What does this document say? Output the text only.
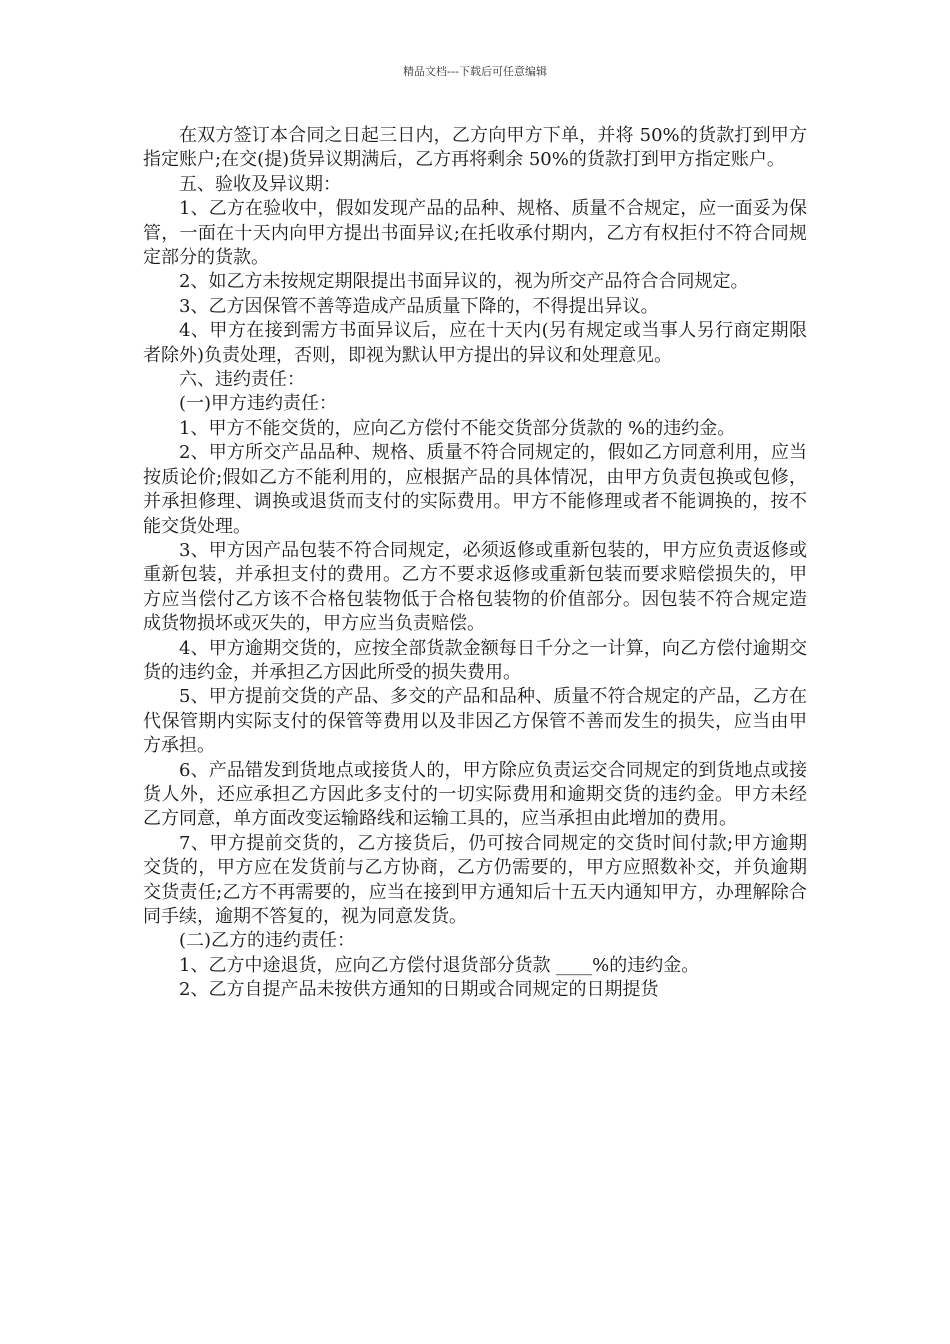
精品文档---下载后可任意编辑

在双方签订本合同之日起三日内，乙方向甲方下单，并将 50%的货款打到甲方指定账户;在交(提)货异议期满后，乙方再将剩余 50%的货款打到甲方指定账户。

五、验收及异议期：

1、乙方在验收中，假如发现产品的品种、规格、质量不合规定，应一面妥为保管，一面在十天内向甲方提出书面异议;在托收承付期内，乙方有权拒付不符合同规定部分的货款。

2、如乙方未按规定期限提出书面异议的，视为所交产品符合合同规定。

3、乙方因保管不善等造成产品质量下降的，不得提出异议。

4、甲方在接到需方书面异议后，应在十天内(另有规定或当事人另行商定期限者除外)负责处理，否则，即视为默认甲方提出的异议和处理意见。

六、违约责任：

(一)甲方违约责任：

1、甲方不能交货的，应向乙方偿付不能交货部分货款的 %的违约金。

2、甲方所交产品品种、规格、质量不符合同规定的，假如乙方同意利用，应当按质论价;假如乙方不能利用的，应根据产品的具体情况，由甲方负责包换或包修，并承担修理、调换或退货而支付的实际费用。甲方不能修理或者不能调换的，按不能交货处理。

3、甲方因产品包装不符合同规定，必须返修或重新包装的，甲方应负责返修或重新包装，并承担支付的费用。乙方不要求返修或重新包装而要求赔偿损失的，甲方应当偿付乙方该不合格包装物低于合格包装物的价值部分。因包装不符合规定造成货物损坏或灭失的，甲方应当负责赔偿。

4、甲方逾期交货的，应按全部货款金额每日千分之一计算，向乙方偿付逾期交货的违约金，并承担乙方因此所受的损失费用。

5、甲方提前交货的产品、多交的产品和品种、质量不符合规定的产品，乙方在代保管期内实际支付的保管等费用以及非因乙方保管不善而发生的损失，应当由甲方承担。

6、产品错发到货地点或接货人的，甲方除应负责运交合同规定的到货地点或接货人外，还应承担乙方因此多支付的一切实际费用和逾期交货的违约金。甲方未经乙方同意，单方面改变运输路线和运输工具的，应当承担由此增加的费用。

7、甲方提前交货的，乙方接货后，仍可按合同规定的交货时间付款;甲方逾期交货的，甲方应在发货前与乙方协商，乙方仍需要的，甲方应照数补交，并负逾期交货责任;乙方不再需要的，应当在接到甲方通知后十五天内通知甲方，办理解除合同手续，逾期不答复的，视为同意发货。

(二)乙方的违约责任：

1、乙方中途退货，应向乙方偿付退货部分货款 ____%的违约金。

2、乙方自提产品未按供方通知的日期或合同规定的日期提货
